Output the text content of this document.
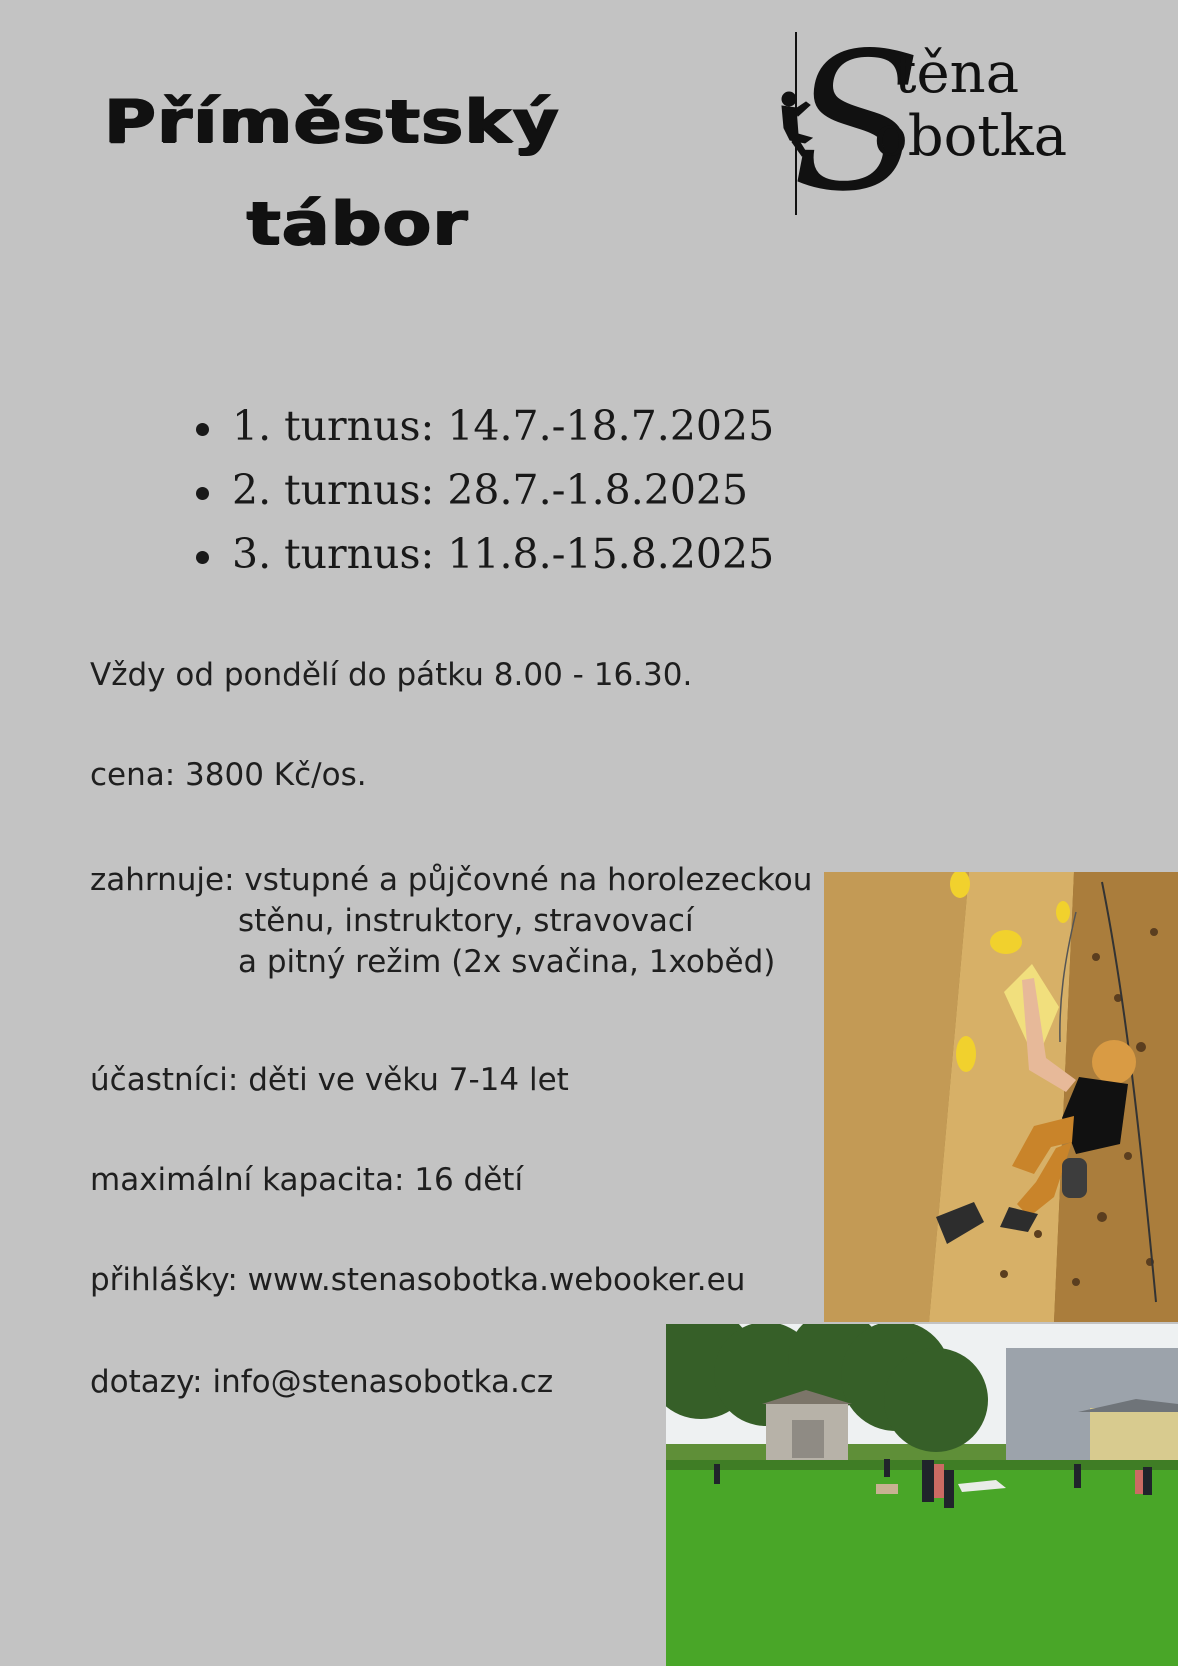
Příměstský
tábor	S
těna
obotka
1. turnus: 14.7.-18.7.2025
2. turnus: 28.7.-1.8.2025
3. turnus: 11.8.-15.8.2025
Vždy od pondělí do pátku 8.00 - 16.30.
cena: 3800 Kč/os.
zahrnuje: vstupné a půjčovné na horolezeckou
stěnu, instruktory, stravovací
a pitný režim (2x svačina, 1xoběd)
účastníci: děti ve věku 7-14 let
maximální kapacita: 16 dětí
přihlášky: www.stenasobotka.webooker.eu
dotazy: info@stenasobotka.cz
